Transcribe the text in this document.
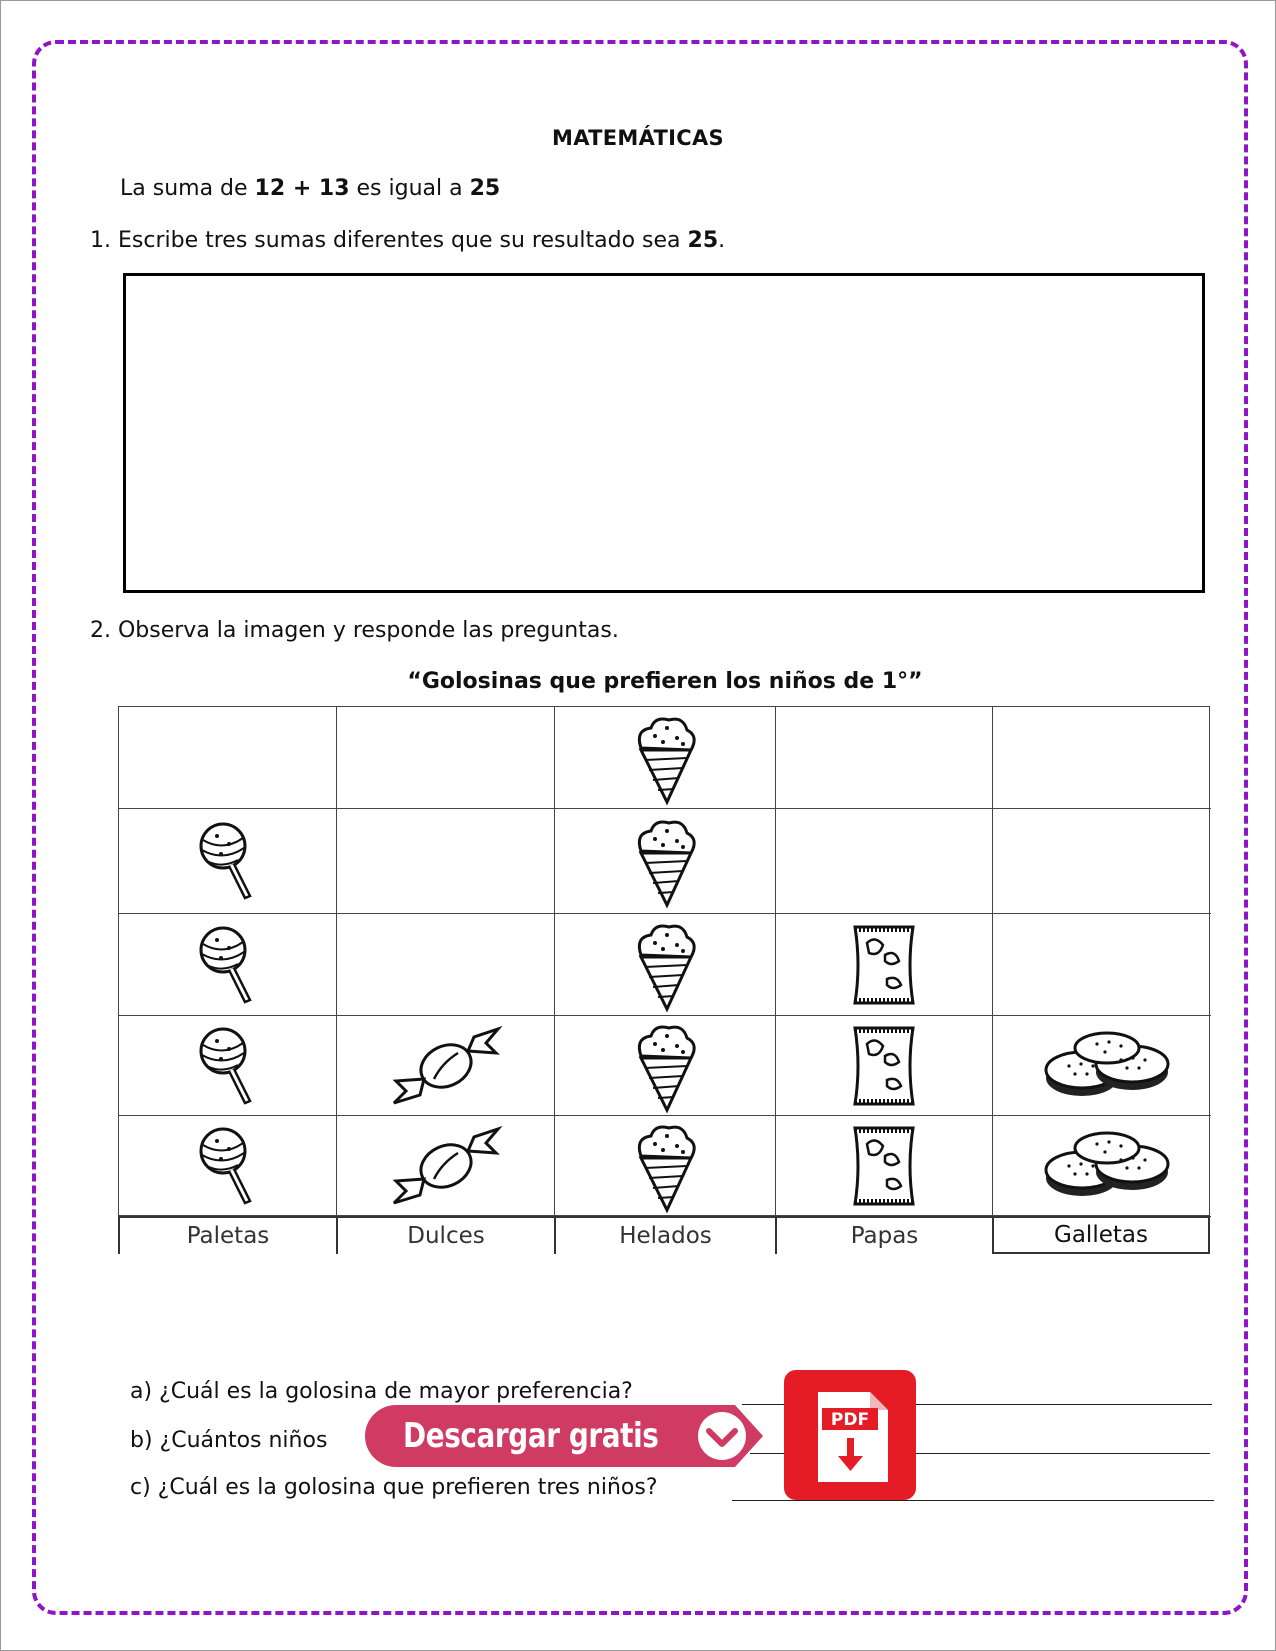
MATEMÁTICAS
La suma de 12 + 13 es igual a 25
1. Escribe tres sumas diferentes que su resultado sea 25.
2. Observa la imagen y responde las preguntas.
“Golosinas que prefieren los niños de 1°”
Paletas	Dulces	Helados	Papas	Galletas
a) ¿Cuál es la golosina de mayor preferencia?
b) ¿Cuántos niños
c) ¿Cuál es la golosina que prefieren tres niños?
Descargar gratis	PDF
